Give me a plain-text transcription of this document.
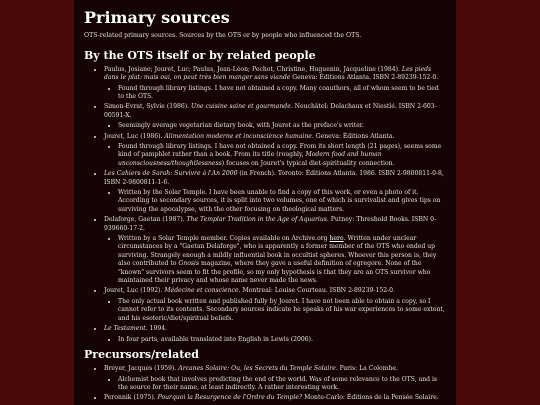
Primary sources

OTS-related primary sources. Sources by the OTS or by people who influenced the OTS.

By the OTS itself or by related people
• Paulus, Josiane; Jouret, Luc; Paulus, Jean-Léon; Pechot, Christine, Huguenin, Jacqueline (1984). Les pieds dans le plat: mais oui, on peut très bien manger sans viande Geneva: Éditions Atlanta. ISBN 2-89239-152-0.
• Found through library listings. I have not obtained a copy. Many coauthors, all of whom seem to be tied to the OTS.
• Simon-Evrat, Sylvie (1986). Une cuisine saine et gourmande. Neuchâtel: Delachaux et Niestlé. ISBN 2-603-00591-X.
• Seemingly average vegetarian dietary book, with Jouret as the preface's writer.
• Jouret, Luc (1986). Alimentation moderne et inconscience humaine. Geneva: Éditions Atlanta.
• Found through library listings. I have not obtained a copy. From its short length (21 pages), seems some kind of pamphlet rather than a book. From its title (roughly, Modern food and human unconsciousness/thoughtlessness) focuses on Jouret's typical diet-spirituality connection.
• Les Cahiers de Sarah: Survivre à l'An 2000 (in French). Toronto: Éditions Atlanta. 1986. ISBN 2-9800811-0-8, ISBN 2-9800811-1-6.
• Written by the Solar Temple. I have been unable to find a copy of this work, or even a photo of it. According to secondary sources, it is split into two volumes, one of which is survivalist and gives tips on surviving the apocalypse, with the other focusing on theological matters.
• Delaforge, Gaetan (1987). The Templar Tradition in the Age of Aquarius. Putney: Threshold Books. ISBN 0-939660-17-2.
• Written by a Solar Temple member. Copies available on Archive.org here. Written under unclear circumstances by a "Gaetan Delaforge", who is apparently a former member of the OTS who ended up surviving. Strangely enough a mildly influential book in occultist spheres. Whoever this person is, they also contributed to Gnosis magazine, where they gave a useful definition of egregore. None of the "known" survivors seem to fit the profile, so my only hypothesis is that they are an OTS survivor who maintained their privacy and whose name never made the news.
• Jouret, Luc (1992). Médecine et conscience. Montreal: Louise Courteau. ISBN 2-89239-152-0.
• The only actual book written and published fully by Jouret. I have not been able to obtain a copy, so I cannot refer to its contents. Secondary sources indicate he speaks of his war experiences to some extent, and his esoteric/diet/spiritual beliefs.
• Le Testament. 1994.
• In four parts, available translated into English in Lewis (2006).
Precursors/related
• Breyer, Jacques (1959). Arcanes Solaire: Ou, les Secrets du Temple Solaire. Paris: La Colombe.
• Alchemist book that involves predicting the end of the world. Was of some relevance to the OTS, and is the source for their name, at least indirectly. A rather interesting work.
• Peronnik (1975). Pourquoi la Resurgence de l'Ordre du Temple? Monte-Carlo: Éditions de la Pensée Solaire.
